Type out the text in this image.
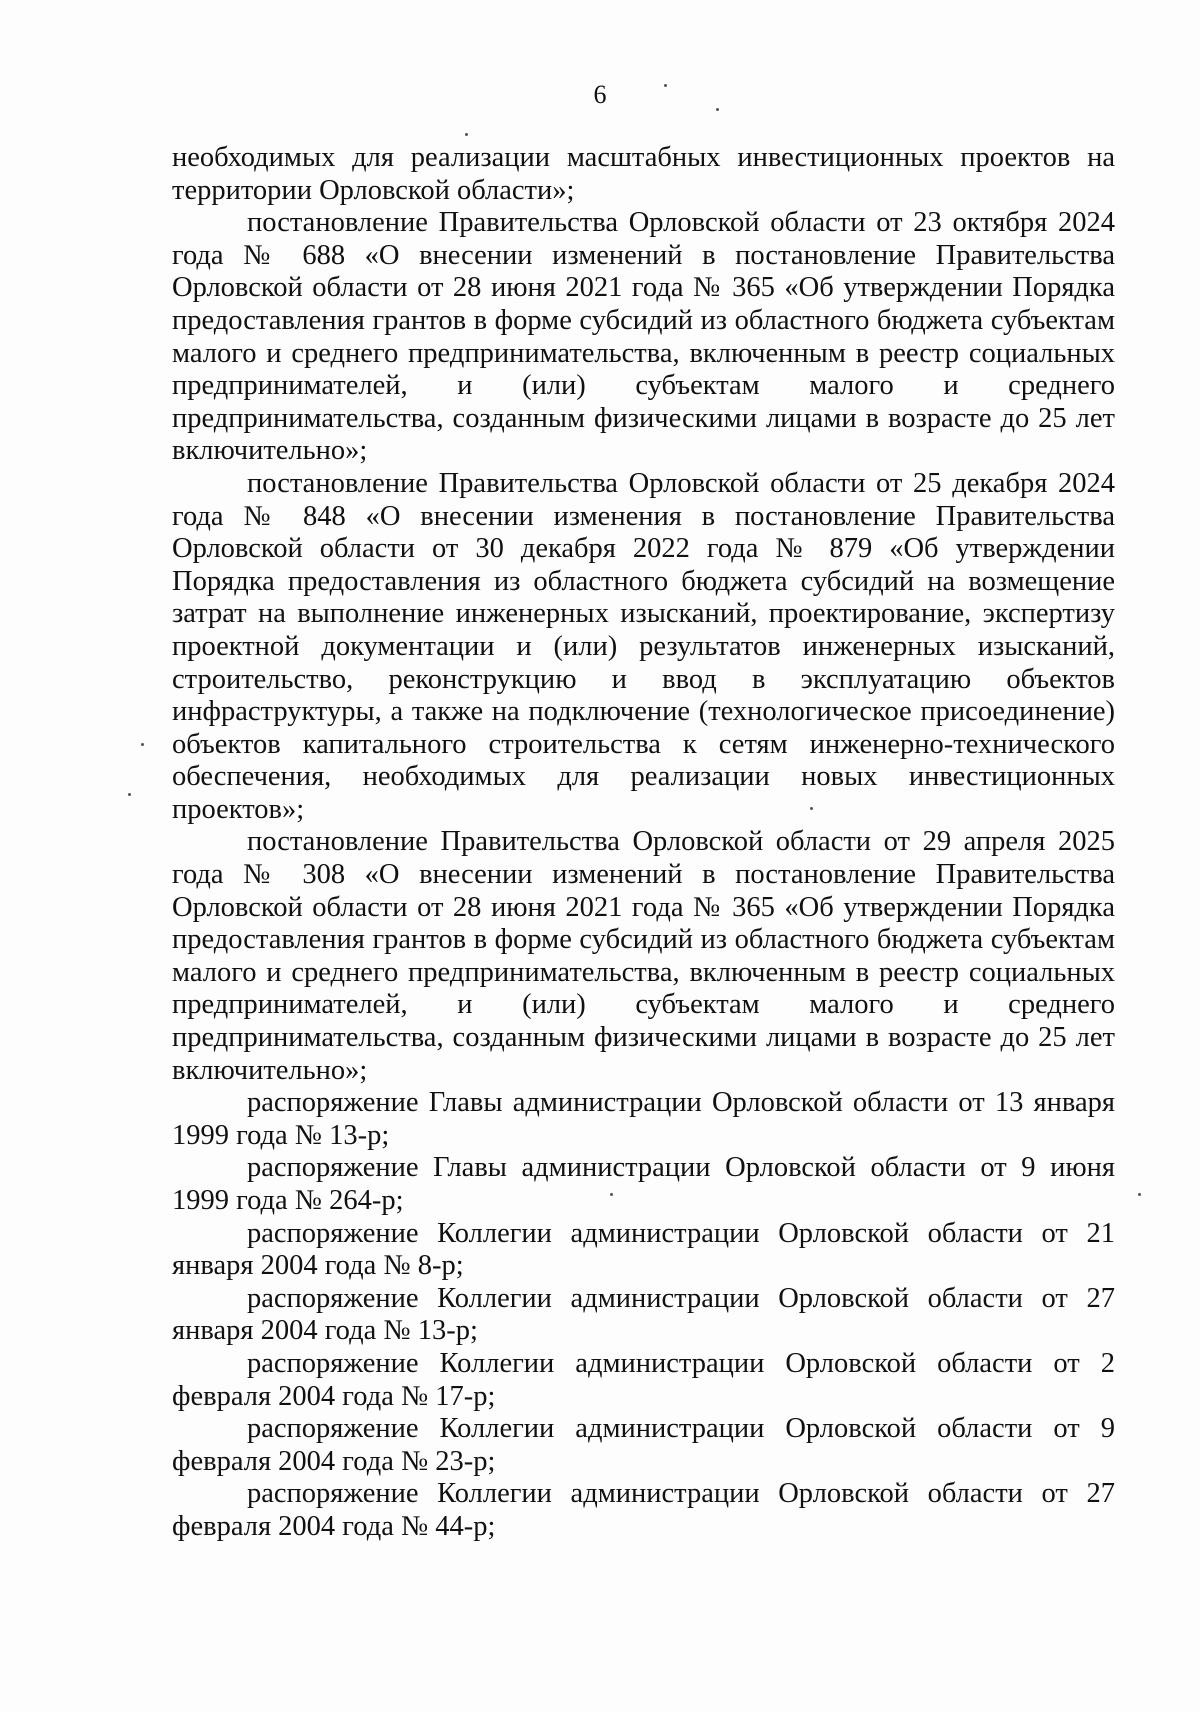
6

необходимых для реализации масштабных инвестиционных проектов на территории Орловской области»;

постановление Правительства Орловской области от 23 октября 2024 года № 688 «О внесении изменений в постановление Правительства Орловской области от 28 июня 2021 года № 365 «Об утверждении Порядка предоставления грантов в форме субсидий из областного бюджета субъектам малого и среднего предпринимательства, включенным в реестр социальных предпринимателей, и (или) субъектам малого и среднего предпринимательства, созданным физическими лицами в возрасте до 25 лет включительно»;

постановление Правительства Орловской области от 25 декабря 2024 года № 848 «О внесении изменения в постановление Правительства Орловской области от 30 декабря 2022 года № 879 «Об утверждении Порядка предоставления из областного бюджета субсидий на возмещение затрат на выполнение инженерных изысканий, проектирование, экспертизу проектной документации и (или) результатов инженерных изысканий, строительство, реконструкцию и ввод в эксплуатацию объектов инфраструктуры, а также на подключение (технологическое присоединение) объектов капитального строительства к сетям инженерно-технического обеспечения, необходимых для реализации новых инвестиционных проектов»;

постановление Правительства Орловской области от 29 апреля 2025 года № 308 «О внесении изменений в постановление Правительства Орловской области от 28 июня 2021 года № 365 «Об утверждении Порядка предоставления грантов в форме субсидий из областного бюджета субъектам малого и среднего предпринимательства, включенным в реестр социальных предпринимателей, и (или) субъектам малого и среднего предпринимательства, созданным физическими лицами в возрасте до 25 лет включительно»;

распоряжение Главы администрации Орловской области от 13 января 1999 года № 13-р;

распоряжение Главы администрации Орловской области от 9 июня 1999 года № 264-р;

распоряжение Коллегии администрации Орловской области от 21 января 2004 года № 8-р;

распоряжение Коллегии администрации Орловской области от 27 января 2004 года № 13-р;

распоряжение Коллегии администрации Орловской области от 2 февраля 2004 года № 17-р;

распоряжение Коллегии администрации Орловской области от 9 февраля 2004 года № 23-р;

распоряжение Коллегии администрации Орловской области от 27 февраля 2004 года № 44-р;
